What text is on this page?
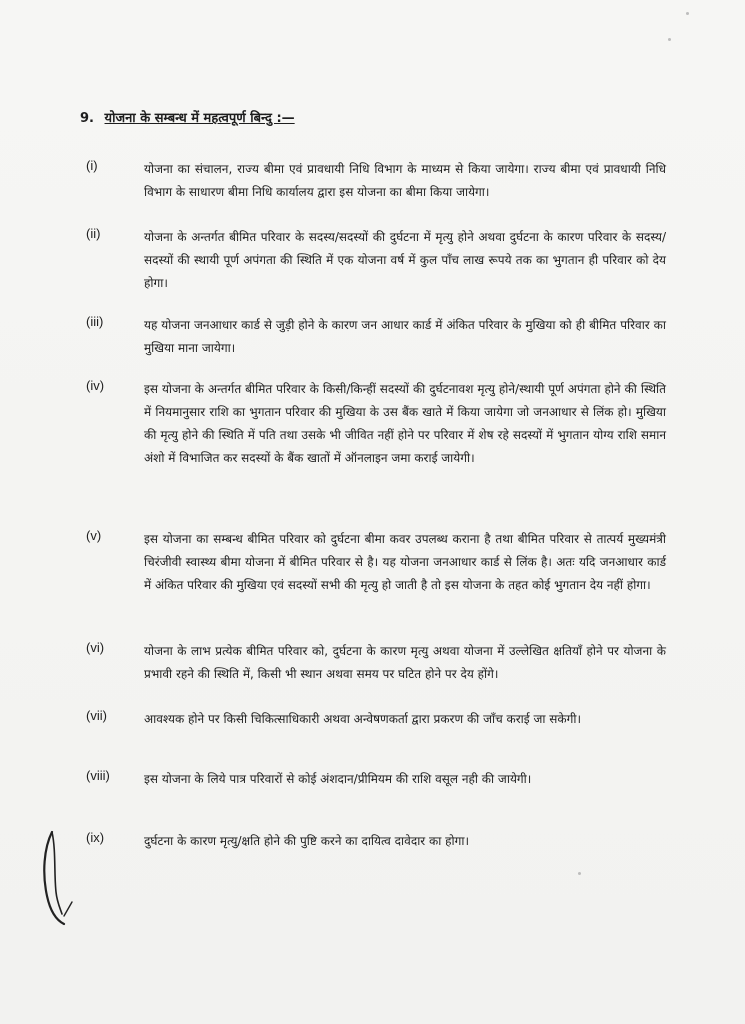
9. योजना के सम्बन्ध में महत्वपूर्ण बिन्दु :—
(i)	योजना का संचालन, राज्य बीमा एवं प्रावधायी निधि विभाग के माध्यम से किया जायेगा। राज्य बीमा एवं प्रावधायी निधि विभाग के साधारण बीमा निधि कार्यालय द्वारा इस योजना का बीमा किया जायेगा।
(ii)	योजना के अन्तर्गत बीमित परिवार के सदस्य/सदस्यों की दुर्घटना में मृत्यु होने अथवा दुर्घटना के कारण परिवार के सदस्य/सदस्यों की स्थायी पूर्ण अपंगता की स्थिति में एक योजना वर्ष में कुल पाँच लाख रूपये तक का भुगतान ही परिवार को देय होगा।
(iii)	यह योजना जनआधार कार्ड से जुड़ी होने के कारण जन आधार कार्ड में अंकित परिवार के मुखिया को ही बीमित परिवार का मुखिया माना जायेगा।
(iv)	इस योजना के अन्तर्गत बीमित परिवार के किसी/किन्हीं सदस्यों की दुर्घटनावश मृत्यु होने/स्थायी पूर्ण अपंगता होने की स्थिति में नियमानुसार राशि का भुगतान परिवार की मुखिया के उस बैंक खाते में किया जायेगा जो जनआधार से लिंक हो। मुखिया की मृत्यु होने की स्थिति में पति तथा उसके भी जीवित नहीं होने पर परिवार में शेष रहे सदस्यों में भुगतान योग्य राशि समान अंशो में विभाजित कर सदस्यों के बैंक खातों में ऑनलाइन जमा कराई जायेगी।
(v)	इस योजना का सम्बन्ध बीमित परिवार को दुर्घटना बीमा कवर उपलब्ध कराना है तथा बीमित परिवार से तात्पर्य मुख्यमंत्री चिरंजीवी स्वास्थ्य बीमा योजना में बीमित परिवार से है। यह योजना जनआधार कार्ड से लिंक है। अतः यदि जनआधार कार्ड में अंकित परिवार की मुखिया एवं सदस्यों सभी की मृत्यु हो जाती है तो इस योजना के तहत कोई भुगतान देय नहीं होगा।
(vi)	योजना के लाभ प्रत्येक बीमित परिवार को, दुर्घटना के कारण मृत्यु अथवा योजना में उल्लेखित क्षतियाँ होने पर योजना के प्रभावी रहने की स्थिति में, किसी भी स्थान अथवा समय पर घटित होने पर देय होंगे।
(vii)	आवश्यक होने पर किसी चिकित्साधिकारी अथवा अन्वेषणकर्ता द्वारा प्रकरण की जाँच कराई जा सकेगी।
(viii)	इस योजना के लिये पात्र परिवारों से कोई अंशदान/प्रीमियम की राशि वसूल नही की जायेगी।
(ix)	दुर्घटना के कारण मृत्यु/क्षति होने की पुष्टि करने का दायित्व दावेदार का होगा।
